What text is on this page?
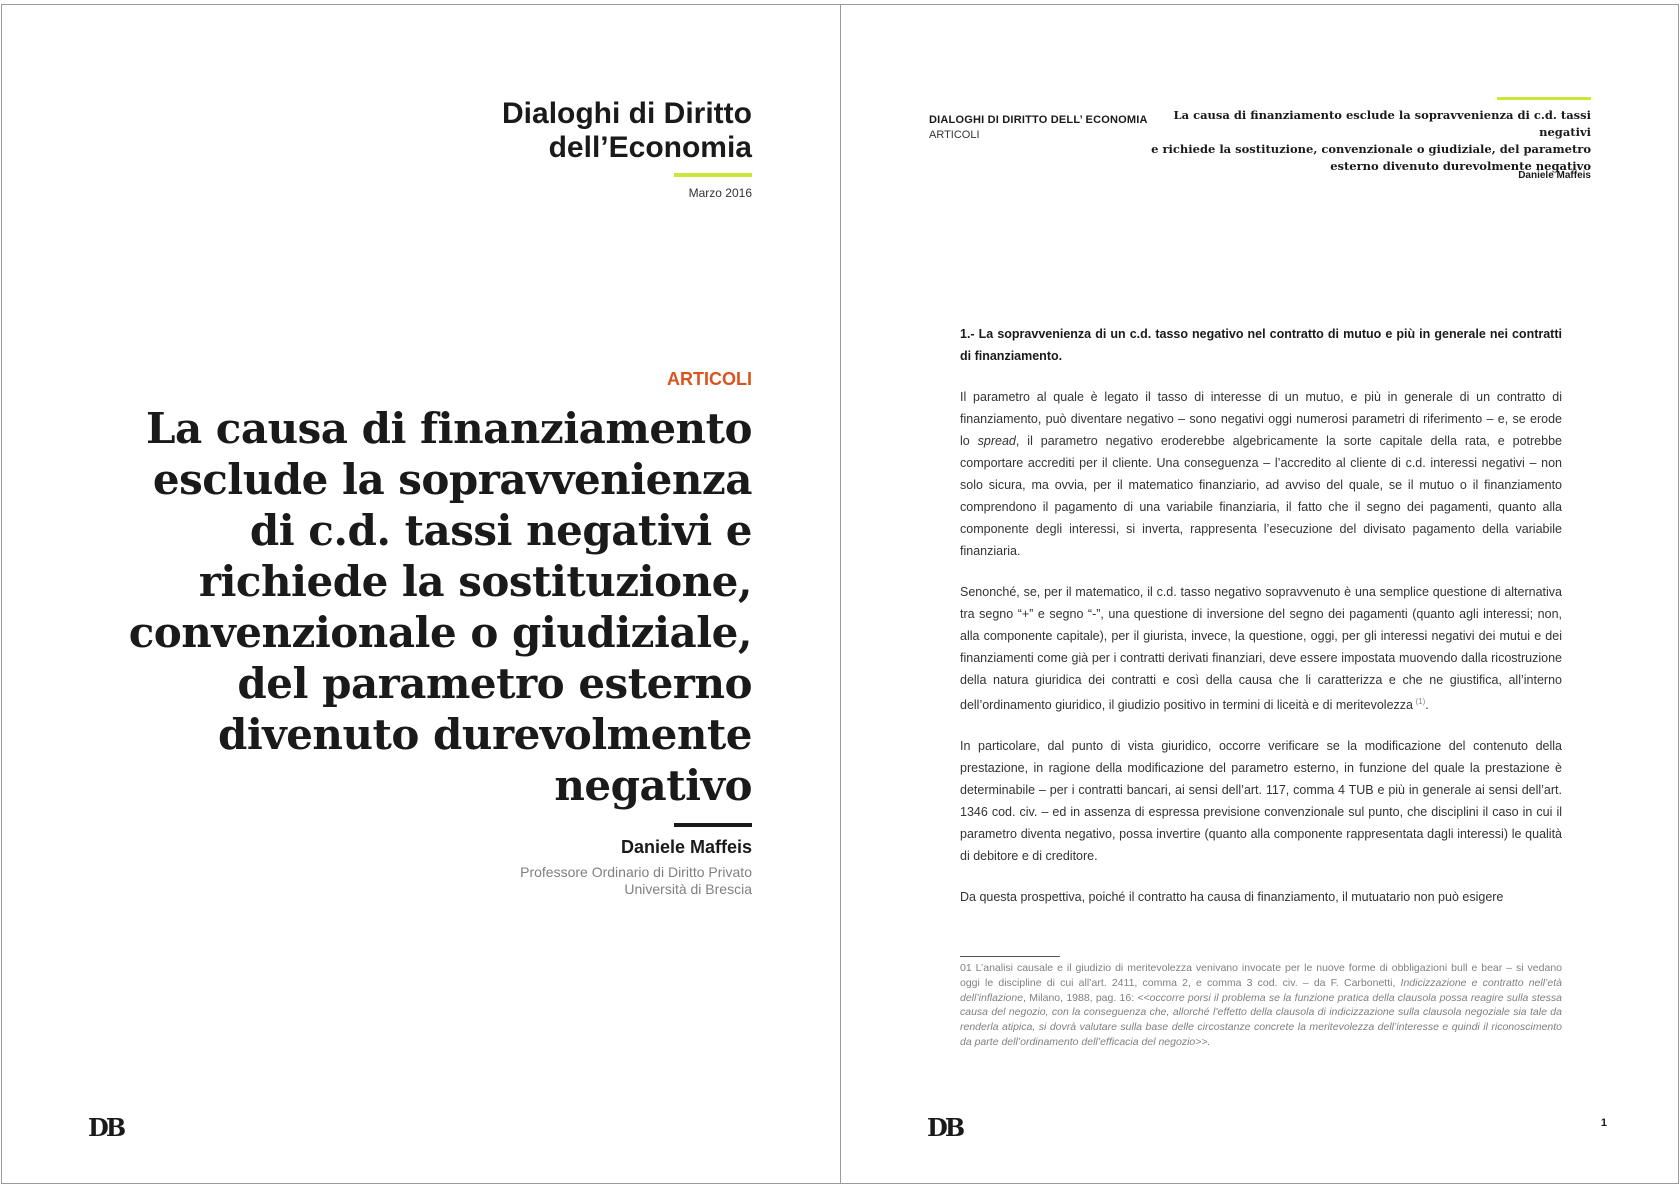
Dialoghi di Diritto
dell’Economia
Marzo 2016
ARTICOLI
La causa di finanziamento
esclude la sopravvenienza
di c.d. tassi negativi e
richiede la sostituzione,
convenzionale o giudiziale,
del parametro esterno
divenuto durevolmente
negativo
Daniele Maffeis
Professore Ordinario di Diritto Privato
Università di Brescia
DB
DIALOGHI DI DIRITTO DELL’ ECONOMIA
ARTICOLI
La causa di finanziamento esclude la sopravvenienza di c.d. tassi negativi
e richiede la sostituzione, convenzionale o giudiziale, del parametro
esterno divenuto durevolmente negativo
Daniele Maffeis

1.- La sopravvenienza di un c.d. tasso negativo nel contratto di mutuo e più in generale nei contratti di finanziamento.

Il parametro al quale è legato il tasso di interesse di un mutuo, e più in generale di un contratto di finanziamento, può diventare negativo – sono negativi oggi numerosi parametri di riferimento – e, se erode lo spread, il parametro negativo eroderebbe algebricamente la sorte capitale della rata, e potrebbe comportare accrediti per il cliente. Una conseguenza – l’accredito al cliente di c.d. interessi negativi – non solo sicura, ma ovvia, per il matematico finanziario, ad avviso del quale, se il mutuo o il finanziamento comprendono il pagamento di una variabile finanziaria, il fatto che il segno dei pagamenti, quanto alla componente degli interessi, si inverta, rappresenta l’esecuzione del divisato pagamento della variabile finanziaria.

Senonché, se, per il matematico, il c.d. tasso negativo sopravvenuto è una semplice questione di alternativa tra segno “+” e segno “-”, una questione di inversione del segno dei pagamenti (quanto agli interessi; non, alla componente capitale), per il giurista, invece, la questione, oggi, per gli interessi negativi dei mutui e dei finanziamenti come già per i contratti derivati finanziari, deve essere impostata muovendo dalla ricostruzione della natura giuridica dei contratti e così della causa che li caratterizza e che ne giustifica, all’interno dell’ordinamento giuridico, il giudizio positivo in termini di liceità e di meritevolezza  $^{(1)}$.

In particolare, dal punto di vista giuridico, occorre verificare se la modificazione del contenuto della prestazione, in ragione della modificazione del parametro esterno, in funzione del quale la prestazione è determinabile – per i contratti bancari, ai sensi dell’art. 117, comma 4 TUB e più in generale ai sensi dell’art. 1346 cod. civ. – ed in assenza di espressa previsione convenzionale sul punto, che disciplini il caso in cui il parametro diventa negativo, possa invertire (quanto alla componente rappresentata dagli interessi) le qualità di debitore e di creditore.

Da questa prospettiva, poiché il contratto ha causa di finanziamento, il mutuatario non può esigere

01 L’analisi causale e il giudizio di meritevolezza venivano invocate per le nuove forme di obbligazioni bull e bear – si vedano oggi le discipline di cui all’art. 2411, comma 2, e comma 3 cod. civ. – da F. Carbonetti, Indicizzazione e contratto nell’età dell’inflazione, Milano, 1988, pag. 16: <<occorre porsi il problema se la funzione pratica della clausola possa reagire sulla stessa causa del negozio, con la conseguenza che, allorché l’effetto della clausola di indicizzazione sulla clausola negoziale sia tale da renderla atipica, si dovrà valutare sulla base delle circostanze concrete la meritevolezza dell’interesse e quindi il riconoscimento da parte dell’ordinamento dell’efficacia del negozio>>.
DB	1
